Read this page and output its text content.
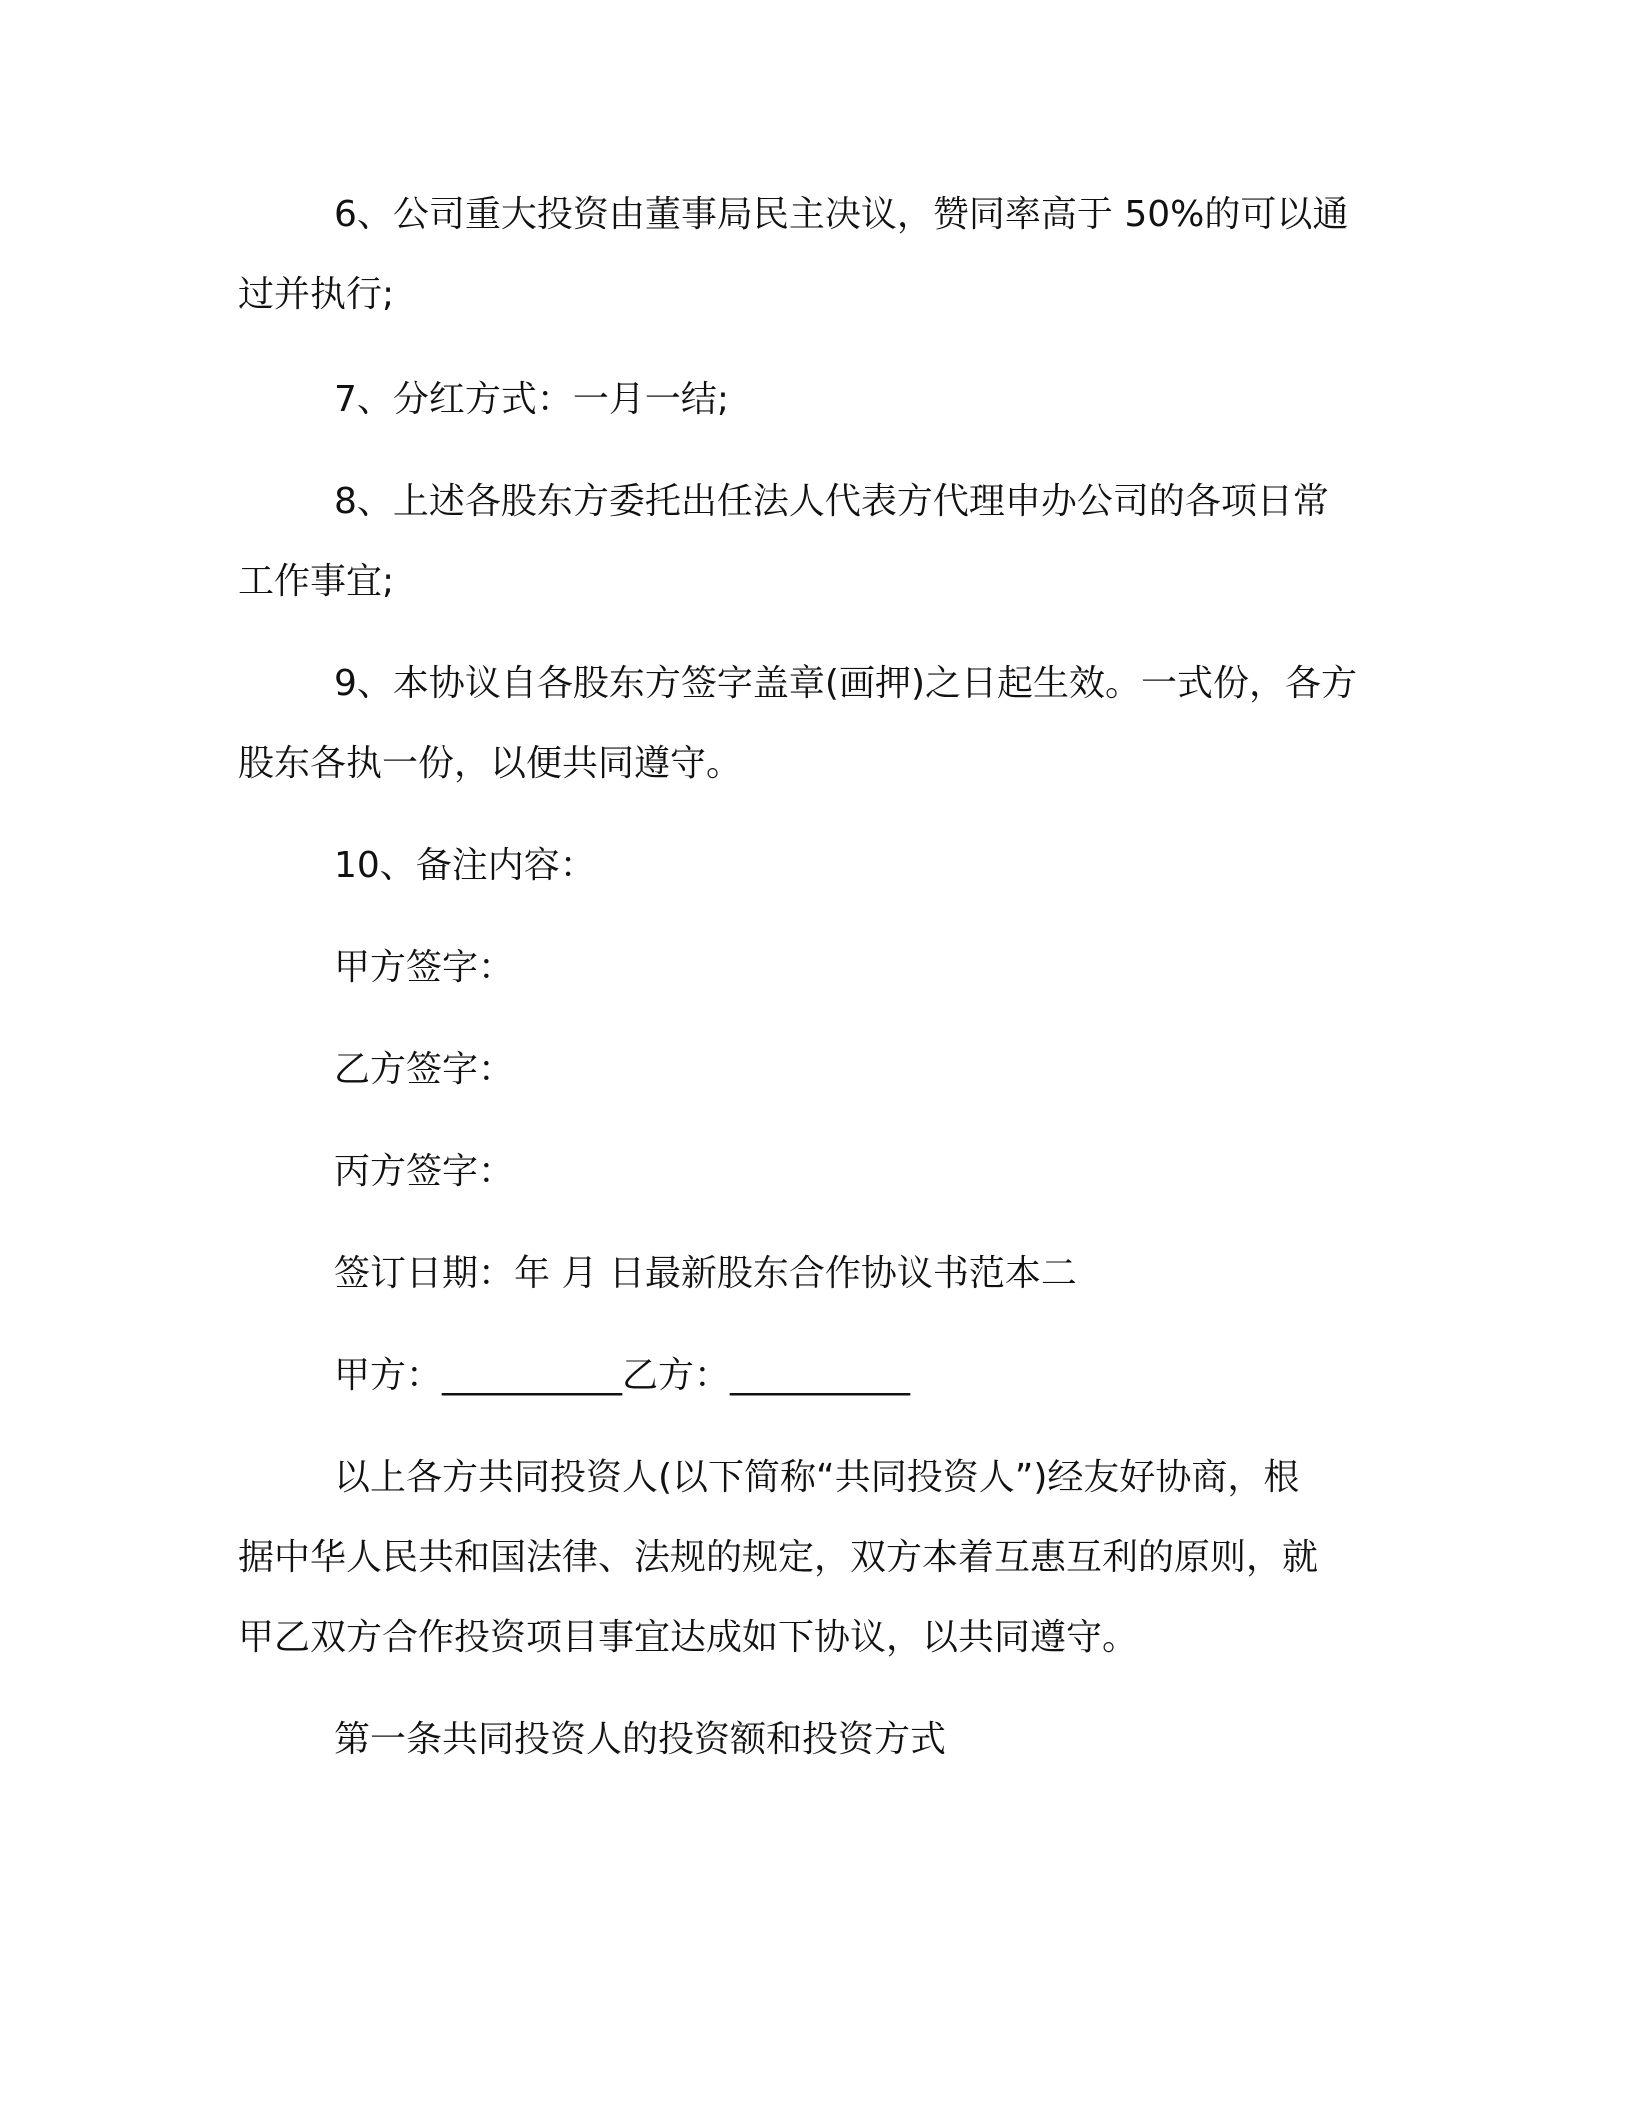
6、公司重大投资由董事局民主决议，赞同率高于 50%的可以通
过并执行;
7、分红方式：一月一结;
8、上述各股东方委托出任法人代表方代理申办公司的各项日常
工作事宜;
9、本协议自各股东方签字盖章(画押)之日起生效。一式份，各方
股东各执一份，以便共同遵守。
10、备注内容：
甲方签字：
乙方签字：
丙方签字：
签订日期：年 月 日最新股东合作协议书范本二
甲方：__________乙方：__________
以上各方共同投资人(以下简称“共同投资人”)经友好协商，根
据中华人民共和国法律、法规的规定，双方本着互惠互利的原则，就
甲乙双方合作投资项目事宜达成如下协议，以共同遵守。
第一条共同投资人的投资额和投资方式
